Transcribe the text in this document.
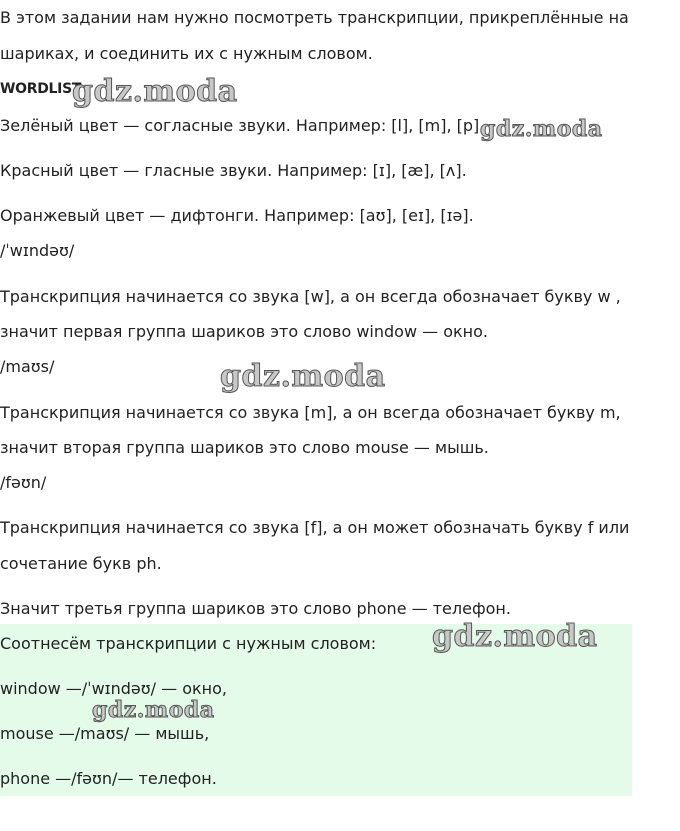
В этом задании нам нужно посмотреть транскрипции, прикреплённые на

шариках, и соединить их с нужным словом.

WORDLIST

Зелёный цвет — согласные звуки. Например: [l], [m], [p].

Красный цвет — гласные звуки. Например: [ɪ], [æ], [ʌ].

Оранжевый цвет — дифтонги. Например: [aʊ], [eɪ], [ɪə].

/ˈwɪndəʊ/

Транскрипция начинается со звука [w], а он всегда обозначает букву w ,

значит первая группа шариков это слово window — окно.

/maʊs/

Транскрипция начинается со звука [m], а он всегда обозначает букву m,

значит вторая группа шариков это слово mouse — мышь.

/fəʊn/

Транскрипция начинается со звука [f], а он может обозначать букву f или

сочетание букв ph.

Значит третья группа шариков это слово phone — телефон.

Соотнесём транскрипции с нужным словом:

window —/ˈwɪndəʊ/ — окно,

mouse —/maʊs/ — мышь,

phone —/fəʊn/— телефон.

gdz.moda
gdz.moda
gdz.moda
gdz.moda
gdz.moda
